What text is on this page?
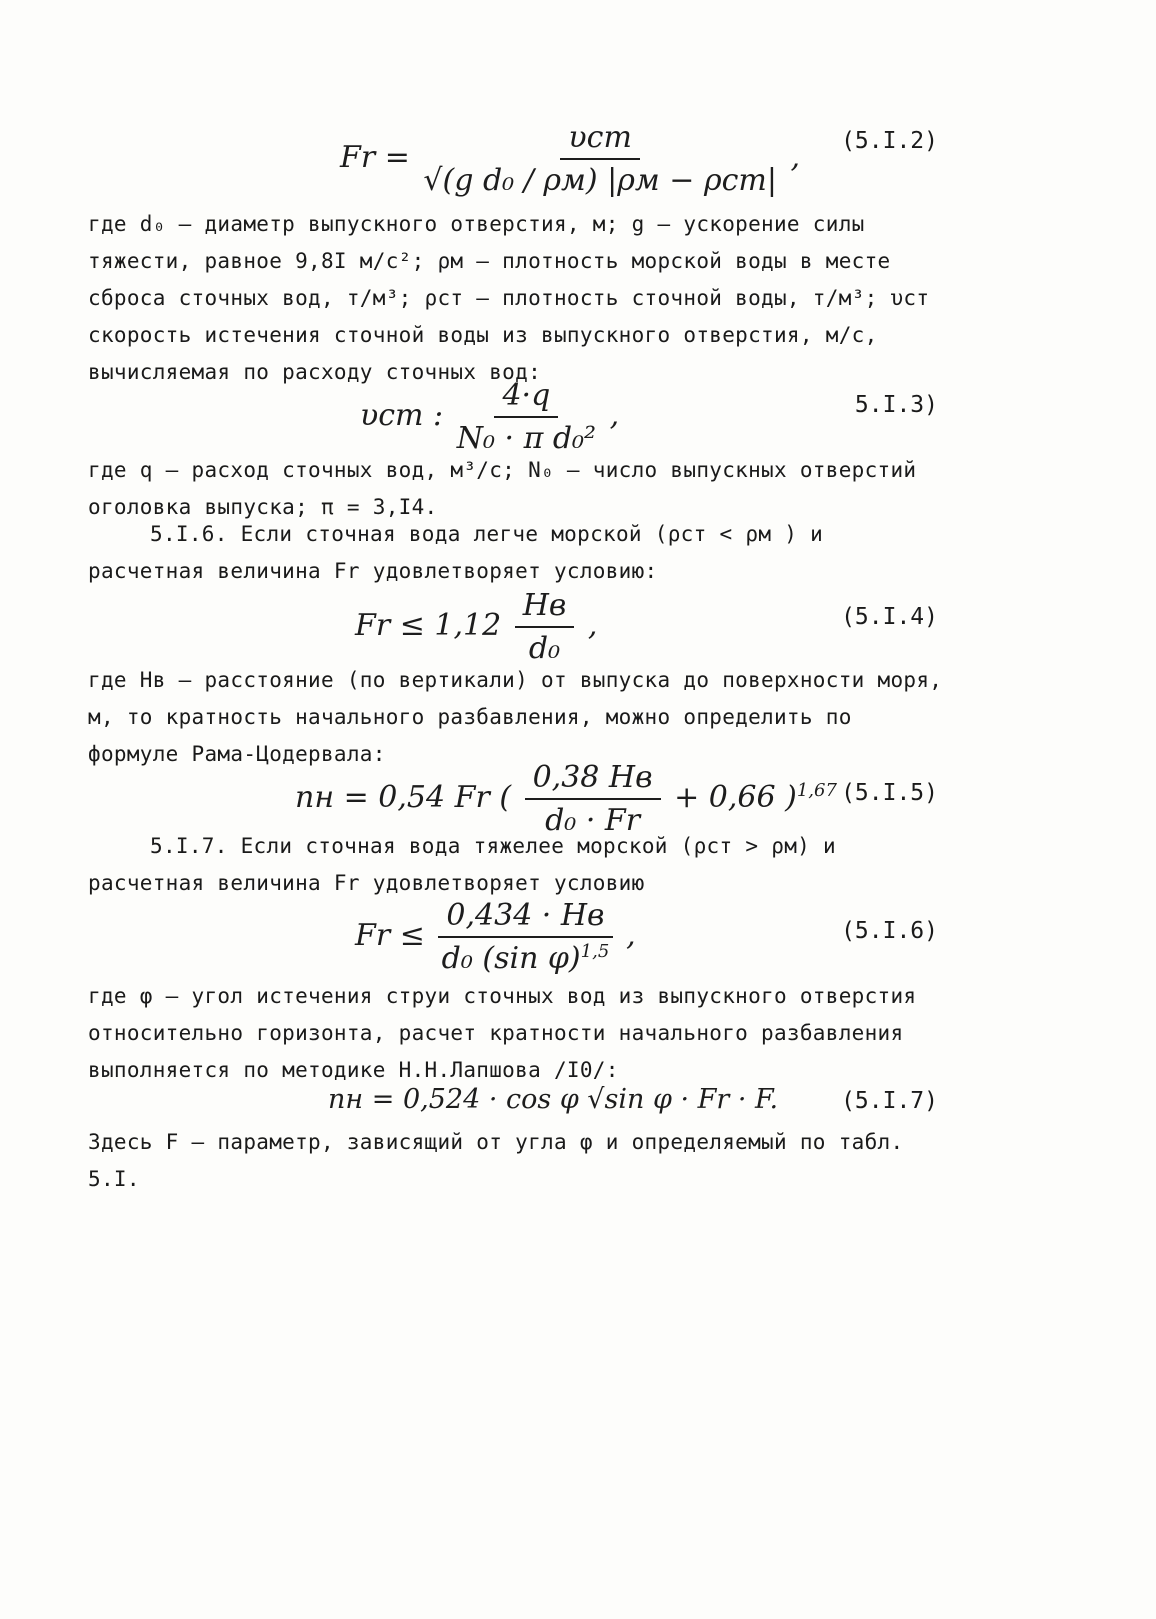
$Fr = \frac{\text{υст}}{\text{√(g d₀ / ρм) |ρм − ρст|}}$ , (5.I.2)

где d₀ – диаметр выпускного отверстия, м; g – ускорение силы тяжести, равное 9,8I м/с²; ρм – плотность морской воды в месте сброса сточных вод, т/м³; ρст – плотность сточной воды, т/м³; υст скорость истечения сточной воды из выпускного отверстия, м/с, вычисляемая по расходу сточных вод:

υст : $\frac{4\cdot q}{\text{N₀ · π d₀²}}$ ,	5.I.3)

где q – расход сточных вод, м³/с; N₀ – число выпускных отверстий оголовка выпуска; π = 3,I4.

5.I.6. Если сточная вода легче морской (ρст < ρм ) и расчетная величина Fr удовлетворяет условию:

$Fr \le 1,12 \frac{Hв}{\text{d₀}}$ ,	(5.I.4)

где Hв – расстояние (по вертикали) от выпуска до поверхности моря, м, то кратность начального разбавления, можно определить по формуле Рама-Цодервала:

nн = 0,54 Fr ( $\frac{0,38 Hв}{\text{d₀ · Fr}} + 0,66$ )$^{1,67}$ (5.I.5)

5.I.7. Если сточная вода тяжелее морской (ρст > ρм) и расчетная величина Fr удовлетворяет условию

$Fr \le \frac{0,434 \cdot Hв}{d_0 (\sin \varphi)^{1,5}}$ ,	(5.I.6)

где φ – угол истечения струи сточных вод из выпускного отверстия относительно горизонта, расчет кратности начального разбавления выполняется по методике Н.Н.Лапшова /I0/:

nн = 0,524 · cos φ √sin φ · Fr · F.	(5.I.7)

Здесь F – параметр, зависящий от угла φ и определяемый по табл. 5.I.
